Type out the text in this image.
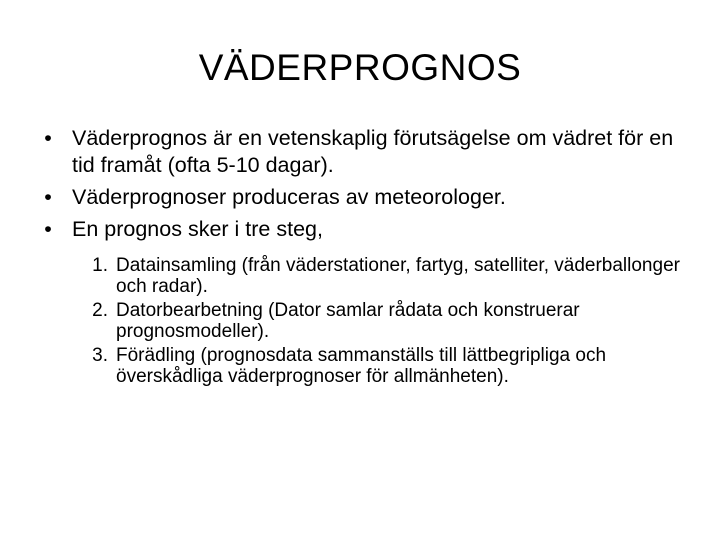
VÄDERPROGNOS
• Väderprognos är en vetenskaplig förutsägelse om vädret för en tid framåt (ofta 5-10 dagar).
• Väderprognoser produceras av meteorologer.
• En prognos sker i tre steg,
1. Datainsamling (från väderstationer, fartyg, satelliter, väderballonger och radar).
2. Datorbearbetning (Dator samlar rådata och konstruerar prognosmodeller).
3. Förädling (prognosdata sammanställs till lättbegripliga och överskådliga väderprognoser för allmänheten).
